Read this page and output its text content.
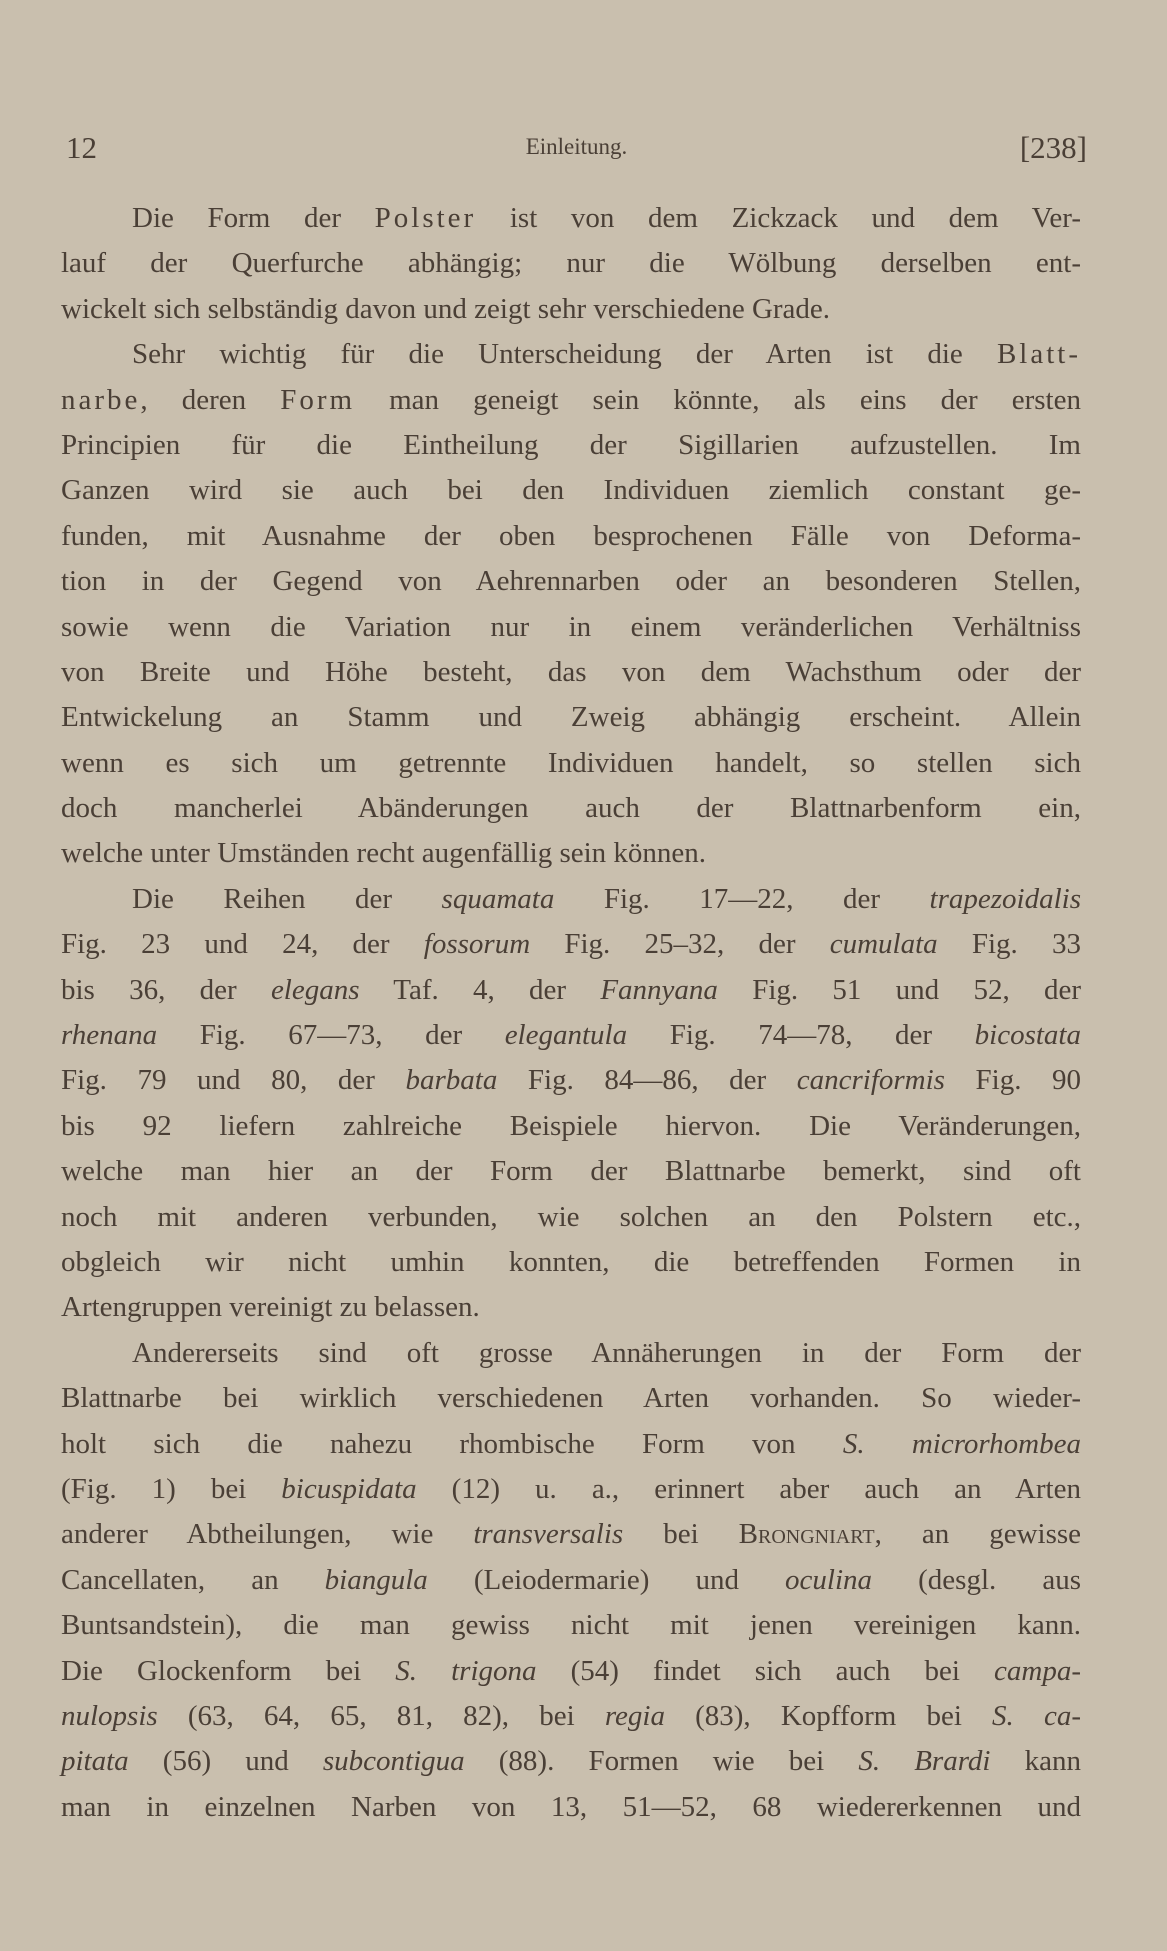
12	Einleitung.	[238]
Die Form der Polster ist von dem Zickzack und dem Ver-
lauf der Querfurche abhängig; nur die Wölbung derselben ent-
wickelt sich selbständig davon und zeigt sehr verschiedene Grade.
Sehr wichtig für die Unterscheidung der Arten ist die Blatt-
narbe, deren Form man geneigt sein könnte, als eins der ersten
Principien für die Eintheilung der Sigillarien aufzustellen. Im
Ganzen wird sie auch bei den Individuen ziemlich constant ge-
funden, mit Ausnahme der oben besprochenen Fälle von Deforma-
tion in der Gegend von Aehrennarben oder an besonderen Stellen,
sowie wenn die Variation nur in einem veränderlichen Verhältniss
von Breite und Höhe besteht, das von dem Wachsthum oder der
Entwickelung an Stamm und Zweig abhängig erscheint. Allein
wenn es sich um getrennte Individuen handelt, so stellen sich
doch mancherlei Abänderungen auch der Blattnarbenform ein,
welche unter Umständen recht augenfällig sein können.
Die Reihen der squamata Fig. 17—22, der trapezoidalis
Fig. 23 und 24, der fossorum Fig. 25–32, der cumulata Fig. 33
bis 36, der elegans Taf. 4, der Fannyana Fig. 51 und 52, der
rhenana Fig. 67—73, der elegantula Fig. 74—78, der bicostata
Fig. 79 und 80, der barbata Fig. 84—86, der cancriformis Fig. 90
bis 92 liefern zahlreiche Beispiele hiervon. Die Veränderungen,
welche man hier an der Form der Blattnarbe bemerkt, sind oft
noch mit anderen verbunden, wie solchen an den Polstern etc.,
obgleich wir nicht umhin konnten, die betreffenden Formen in
Artengruppen vereinigt zu belassen.
Andererseits sind oft grosse Annäherungen in der Form der
Blattnarbe bei wirklich verschiedenen Arten vorhanden. So wieder-
holt sich die nahezu rhombische Form von S. microrhombea
(Fig. 1) bei bicuspidata (12) u. a., erinnert aber auch an Arten
anderer Abtheilungen, wie transversalis bei Brongniart, an gewisse
Cancellaten, an biangula (Leiodermarie) und oculina (desgl. aus
Buntsandstein), die man gewiss nicht mit jenen vereinigen kann.
Die Glockenform bei S. trigona (54) findet sich auch bei campa-
nulopsis (63, 64, 65, 81, 82), bei regia (83), Kopfform bei S. ca-
pitata (56) und subcontigua (88). Formen wie bei S. Brardi kann
man in einzelnen Narben von 13, 51—52, 68 wiedererkennen und
